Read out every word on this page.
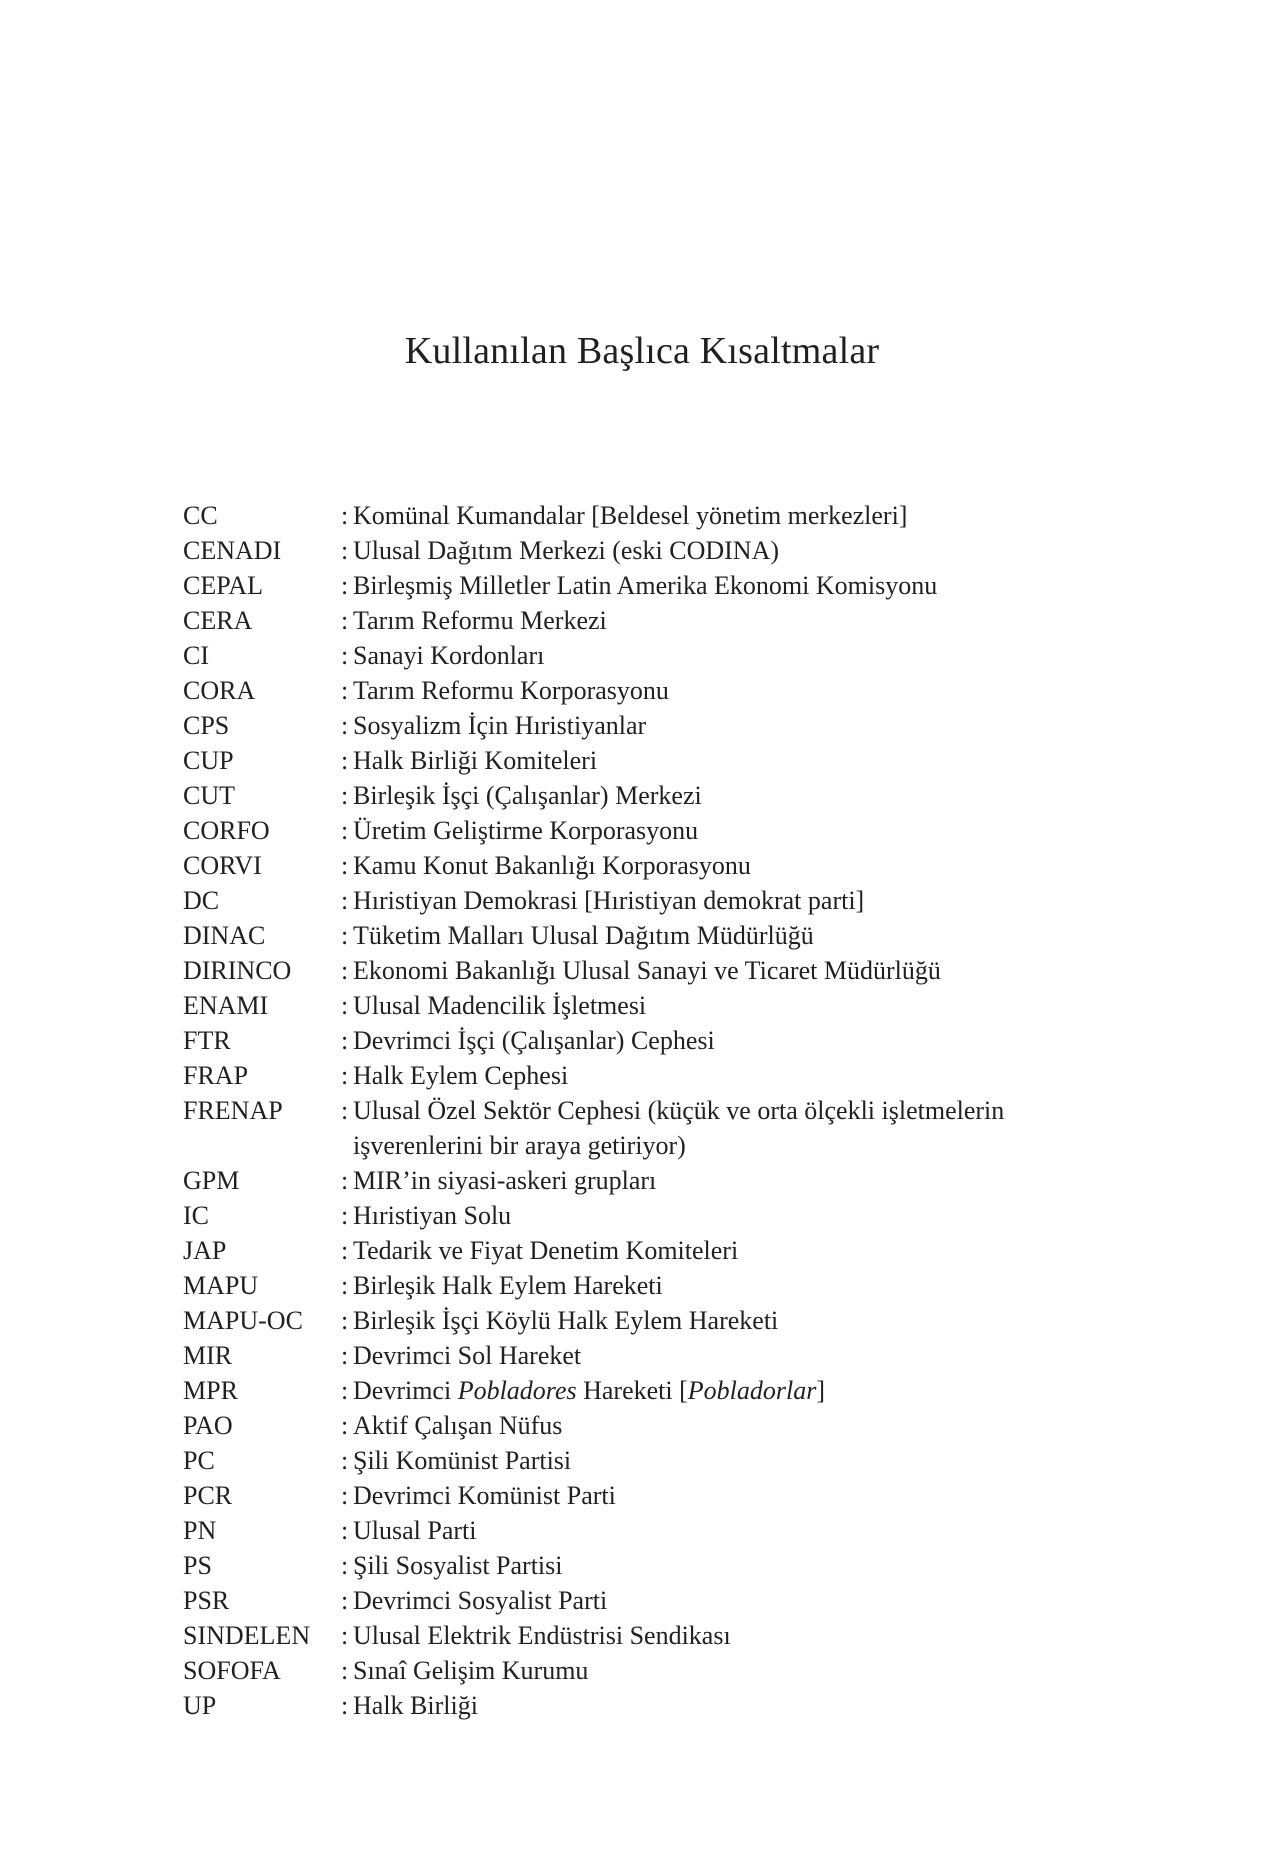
Kullanılan Başlıca Kısaltmalar
CC	: Komünal Kumandalar [Beldesel yönetim merkezleri]
CENADI	: Ulusal Dağıtım Merkezi (eski CODINA)
CEPAL	: Birleşmiş Milletler Latin Amerika Ekonomi Komisyonu
CERA	: Tarım Reformu Merkezi
CI	: Sanayi Kordonları
CORA	: Tarım Reformu Korporasyonu
CPS	: Sosyalizm İçin Hıristiyanlar
CUP	: Halk Birliği Komiteleri
CUT	: Birleşik İşçi (Çalışanlar) Merkezi
CORFO	: Üretim Geliştirme Korporasyonu
CORVI	: Kamu Konut Bakanlığı Korporasyonu
DC	: Hıristiyan Demokrasi [Hıristiyan demokrat parti]
DINAC	: Tüketim Malları Ulusal Dağıtım Müdürlüğü
DIRINCO	: Ekonomi Bakanlığı Ulusal Sanayi ve Ticaret Müdürlüğü
ENAMI	: Ulusal Madencilik İşletmesi
FTR	: Devrimci İşçi (Çalışanlar) Cephesi
FRAP	: Halk Eylem Cephesi
FRENAP	: Ulusal Özel Sektör Cephesi (küçük ve orta ölçekli işletmelerin işverenlerini bir araya getiriyor)
GPM	: MIR’in siyasi-askeri grupları
IC	: Hıristiyan Solu
JAP	: Tedarik ve Fiyat Denetim Komiteleri
MAPU	: Birleşik Halk Eylem Hareketi
MAPU-OC	: Birleşik İşçi Köylü Halk Eylem Hareketi
MIR	: Devrimci Sol Hareket
MPR	: Devrimci Pobladores Hareketi [Pobladorlar]
PAO	: Aktif Çalışan Nüfus
PC	: Şili Komünist Partisi
PCR	: Devrimci Komünist Parti
PN	: Ulusal Parti
PS	: Şili Sosyalist Partisi
PSR	: Devrimci Sosyalist Parti
SINDELEN	: Ulusal Elektrik Endüstrisi Sendikası
SOFOFA	: Sınaî Gelişim Kurumu
UP	: Halk Birliği
